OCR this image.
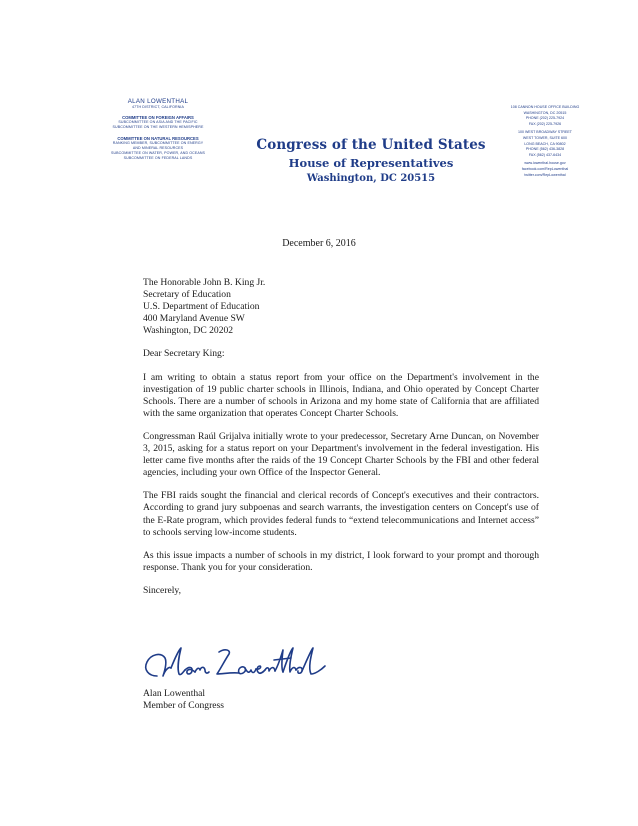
ALAN LOWENTHAL
47TH DISTRICT, CALIFORNIA
COMMITTEE ON FOREIGN AFFAIRS
SUBCOMMITTEE ON ASIA AND THE PACIFIC
SUBCOMMITTEE ON THE WESTERN HEMISPHERE
COMMITTEE ON NATURAL RESOURCES
RANKING MEMBER, SUBCOMMITTEE ON ENERGY
AND MINERAL RESOURCES
SUBCOMMITTEE ON WATER, POWER, AND OCEANS
SUBCOMMITTEE ON FEDERAL LANDS
Congress of the United States
House of Representatives
Washington, DC 20515
108 CANNON HOUSE OFFICE BUILDING
WASHINGTON, DC 20515
PHONE (202) 225-7924
FAX (202) 225-7926
100 WEST BROADWAY STREET
WEST TOWER, SUITE 600
LONG BEACH, CA 90802
PHONE (562) 436-3828
FAX (562) 437-6434
www.lowenthal.house.gov
facebook.com/RepLowenthal
twitter.com/RepLowenthal
December 6, 2016

The Honorable John B. King Jr.
Secretary of Education
U.S. Department of Education
400 Maryland Avenue SW
Washington, DC 20202

Dear Secretary King:

I am writing to obtain a status report from your office on the Department's involvement in the investigation of 19 public charter schools in Illinois, Indiana, and Ohio operated by Concept Charter Schools. There are a number of schools in Arizona and my home state of California that are affiliated with the same organization that operates Concept Charter Schools.

Congressman Raúl Grijalva initially wrote to your predecessor, Secretary Arne Duncan, on November 3, 2015, asking for a status report on your Department's involvement in the federal investigation. His letter came five months after the raids of the 19 Concept Charter Schools by the FBI and other federal agencies, including your own Office of the Inspector General.

The FBI raids sought the financial and clerical records of Concept's executives and their contractors. According to grand jury subpoenas and search warrants, the investigation centers on Concept's use of the E-Rate program, which provides federal funds to “extend telecommunications and Internet access” to schools serving low-income students.

As this issue impacts a number of schools in my district, I look forward to your prompt and thorough response. Thank you for your consideration.

Sincerely,

Alan Lowenthal
Member of Congress
